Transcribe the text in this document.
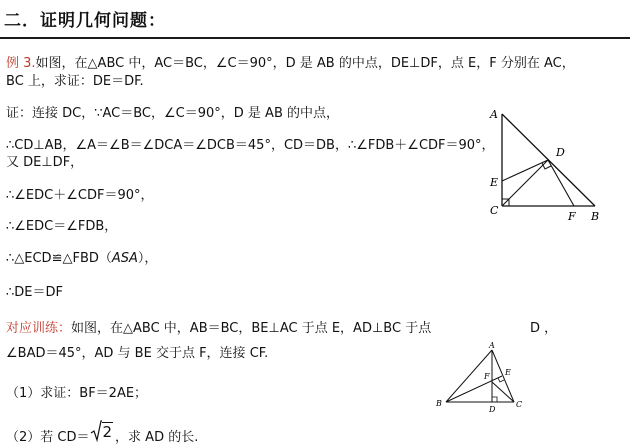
二．证明几何问题：
例 3.如图，在△ABC 中，AC＝BC，∠C＝90°，D 是 AB 的中点，DE⊥DF，点 E，F 分别在 AC，
BC 上，求证：DE＝DF.
证：连接 DC，∵AC＝BC，∠C＝90°，D 是 AB 的中点，
∴CD⊥AB，∠A＝∠B＝∠DCA＝∠DCB＝45°，CD＝DB，∴∠FDB＋∠CDF＝90°，
又 DE⊥DF，
∴∠EDC＋∠CDF＝90°，
∴∠EDC＝∠FDB，
∴△ECD≌△FBD（ASA），
∴DE＝DF
对应训练：如图，在△ABC 中，AB＝BC，BE⊥AC 于点 E，AD⊥BC 于点	D ，
∠BAD＝45°，AD 与 BE 交于点 F，连接 CF.
（1）求证：BF＝2AE；
（2）若 CD＝ 2 ，求 AD 的长.
A
D
E
C	F B
A
F E
B
D
C
